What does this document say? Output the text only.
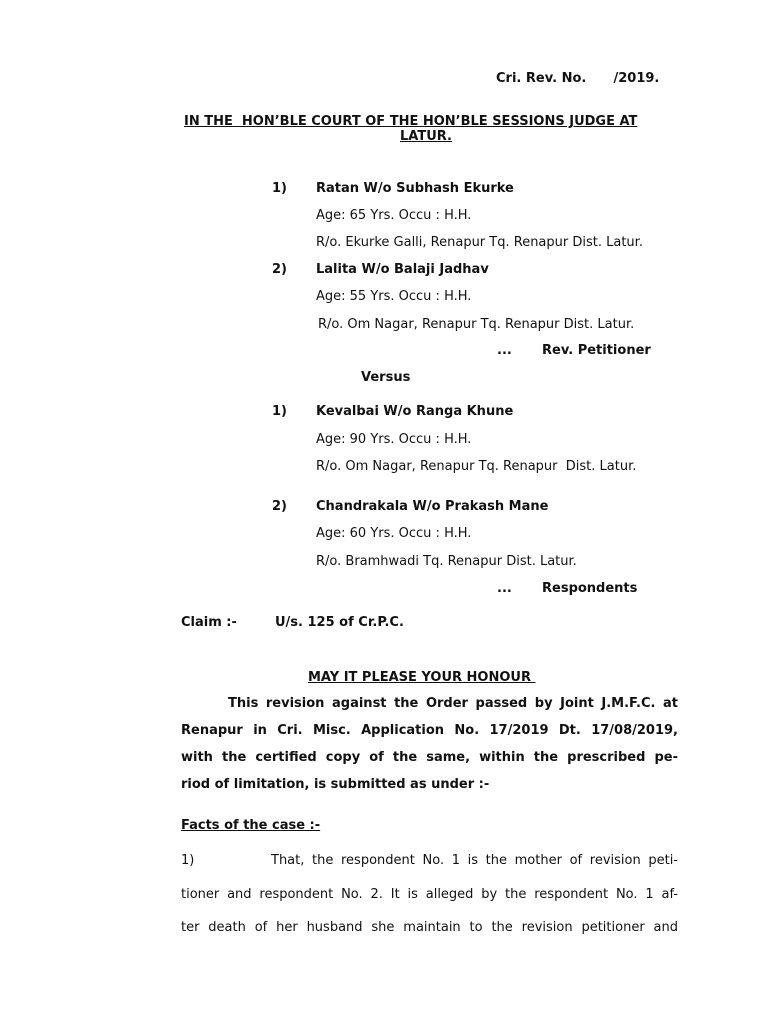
Cri. Rev. No.      /2019.
IN THE  HON’BLE COURT OF THE HON’BLE SESSIONS JUDGE AT
LATUR.
1) Ratan W/o Subhash Ekurke
Age: 65 Yrs. Occu : H.H.
R/o. Ekurke Galli, Renapur Tq. Renapur Dist. Latur.
2) Lalita W/o Balaji Jadhav
Age: 55 Yrs. Occu : H.H.
R/o. Om Nagar, Renapur Tq. Renapur Dist. Latur.
... Rev. Petitioner
Versus
1) Kevalbai W/o Ranga Khune
Age: 90 Yrs. Occu : H.H.
R/o. Om Nagar, Renapur Tq. Renapur  Dist. Latur.
2) Chandrakala W/o Prakash Mane
Age: 60 Yrs. Occu : H.H.
R/o. Bramhwadi Tq. Renapur Dist. Latur.
... Respondents
Claim :-	U/s. 125 of Cr.P.C.
MAY IT PLEASE YOUR HONOUR
This revision against the Order passed by Joint J.M.F.C. at
Renapur in Cri. Misc. Application No. 17/2019 Dt. 17/08/2019,
with the certified copy of the same, within the prescribed pe-
riod of limitation, is submitted as under :-
Facts of the case :-
1)	That, the respondent No. 1 is the mother of revision peti-
tioner and respondent No. 2. It is alleged by the respondent No. 1 af-
ter death of her husband she maintain to the revision petitioner and
